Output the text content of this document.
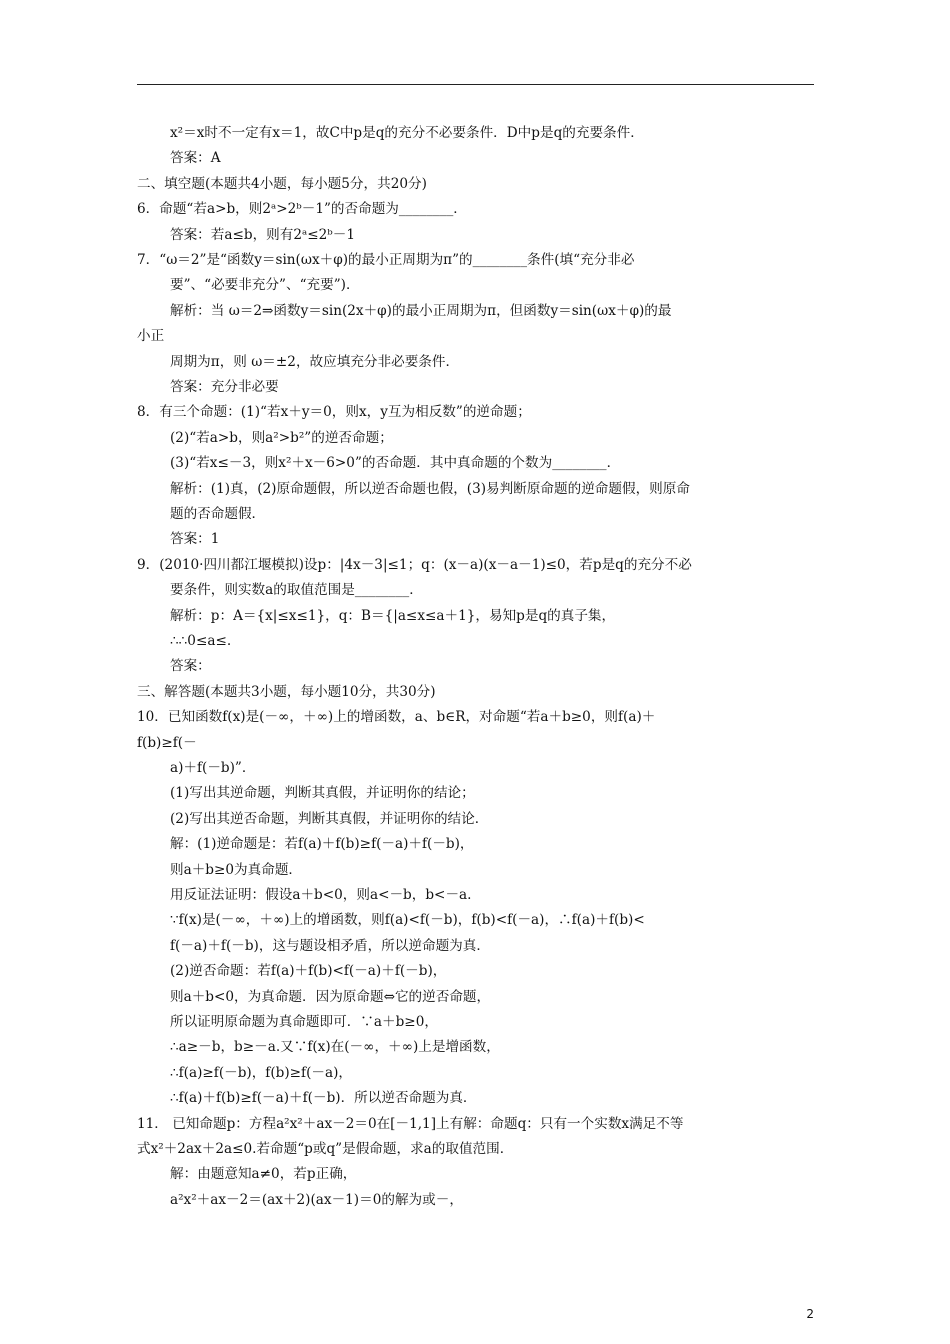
x²＝x时不一定有x＝1，故C中p是q的充分不必要条件．D中p是q的充要条件．
答案：A
二、填空题(本题共4小题，每小题5分，共20分)
6．命题“若a>b，则2ᵃ>2ᵇ－1”的否命题为________．
答案：若a≤b，则有2ᵃ≤2ᵇ－1
7．“ω＝2”是“函数y＝sin(ωx＋φ)的最小正周期为π”的________条件(填“充分非必
要”、“必要非充分”、“充要”)．
解析：当 ω＝2⇒函数y＝sin(2x＋φ)的最小正周期为π，但函数y＝sin(ωx＋φ)的最
小正
周期为π，则 ω＝±2，故应填充分非必要条件．
答案：充分非必要
8．有三个命题：(1)“若x＋y＝0，则x，y互为相反数”的逆命题；
(2)“若a>b，则a²>b²”的逆否命题；
(3)“若x≤－3，则x²＋x－6>0”的否命题．其中真命题的个数为________．
解析：(1)真，(2)原命题假，所以逆否命题也假，(3)易判断原命题的逆命题假，则原命
题的否命题假．
答案：1
9．(2010·四川都江堰模拟)设p：|4x－3|≤1；q：(x－a)(x－a－1)≤0，若p是q的充分不必
要条件，则实数a的取值范围是________．
解析：p：A＝{x|≤x≤1}，q：B＝{|a≤x≤a＋1}，易知p是q的真子集，
∴∴0≤a≤.
答案：
三、解答题(本题共3小题，每小题10分，共30分)
10．已知函数f(x)是(－∞，＋∞)上的增函数，a、b∈R，对命题“若a＋b≥0，则f(a)＋
f(b)≥f(－
a)＋f(－b)”．
(1)写出其逆命题，判断其真假，并证明你的结论；
(2)写出其逆否命题，判断其真假，并证明你的结论．
解：(1)逆命题是：若f(a)＋f(b)≥f(－a)＋f(－b)，
则a＋b≥0为真命题．
用反证法证明：假设a＋b<0，则a<－b，b<－a.
∵f(x)是(－∞，＋∞)上的增函数，则f(a)<f(－b)，f(b)<f(－a)，∴f(a)＋f(b)<
f(－a)＋f(－b)，这与题设相矛盾，所以逆命题为真．
(2)逆否命题：若f(a)＋f(b)<f(－a)＋f(－b)，
则a＋b<0，为真命题．因为原命题⇔它的逆否命题，
所以证明原命题为真命题即可．∵a＋b≥0，
∴a≥－b，b≥－a.又∵f(x)在(－∞，＋∞)上是增函数，
∴f(a)≥f(－b)，f(b)≥f(－a)，
∴f(a)＋f(b)≥f(－a)＋f(－b)．所以逆否命题为真．
11． 已知命题p：方程a²x²＋ax－2＝0在[－1,1]上有解：命题q：只有一个实数x满足不等
式x²＋2ax＋2a≤0.若命题“p或q”是假命题，求a的取值范围．
解：由题意知a≠0，若p正确，
a²x²＋ax－2＝(ax＋2)(ax－1)＝0的解为或－，
2
